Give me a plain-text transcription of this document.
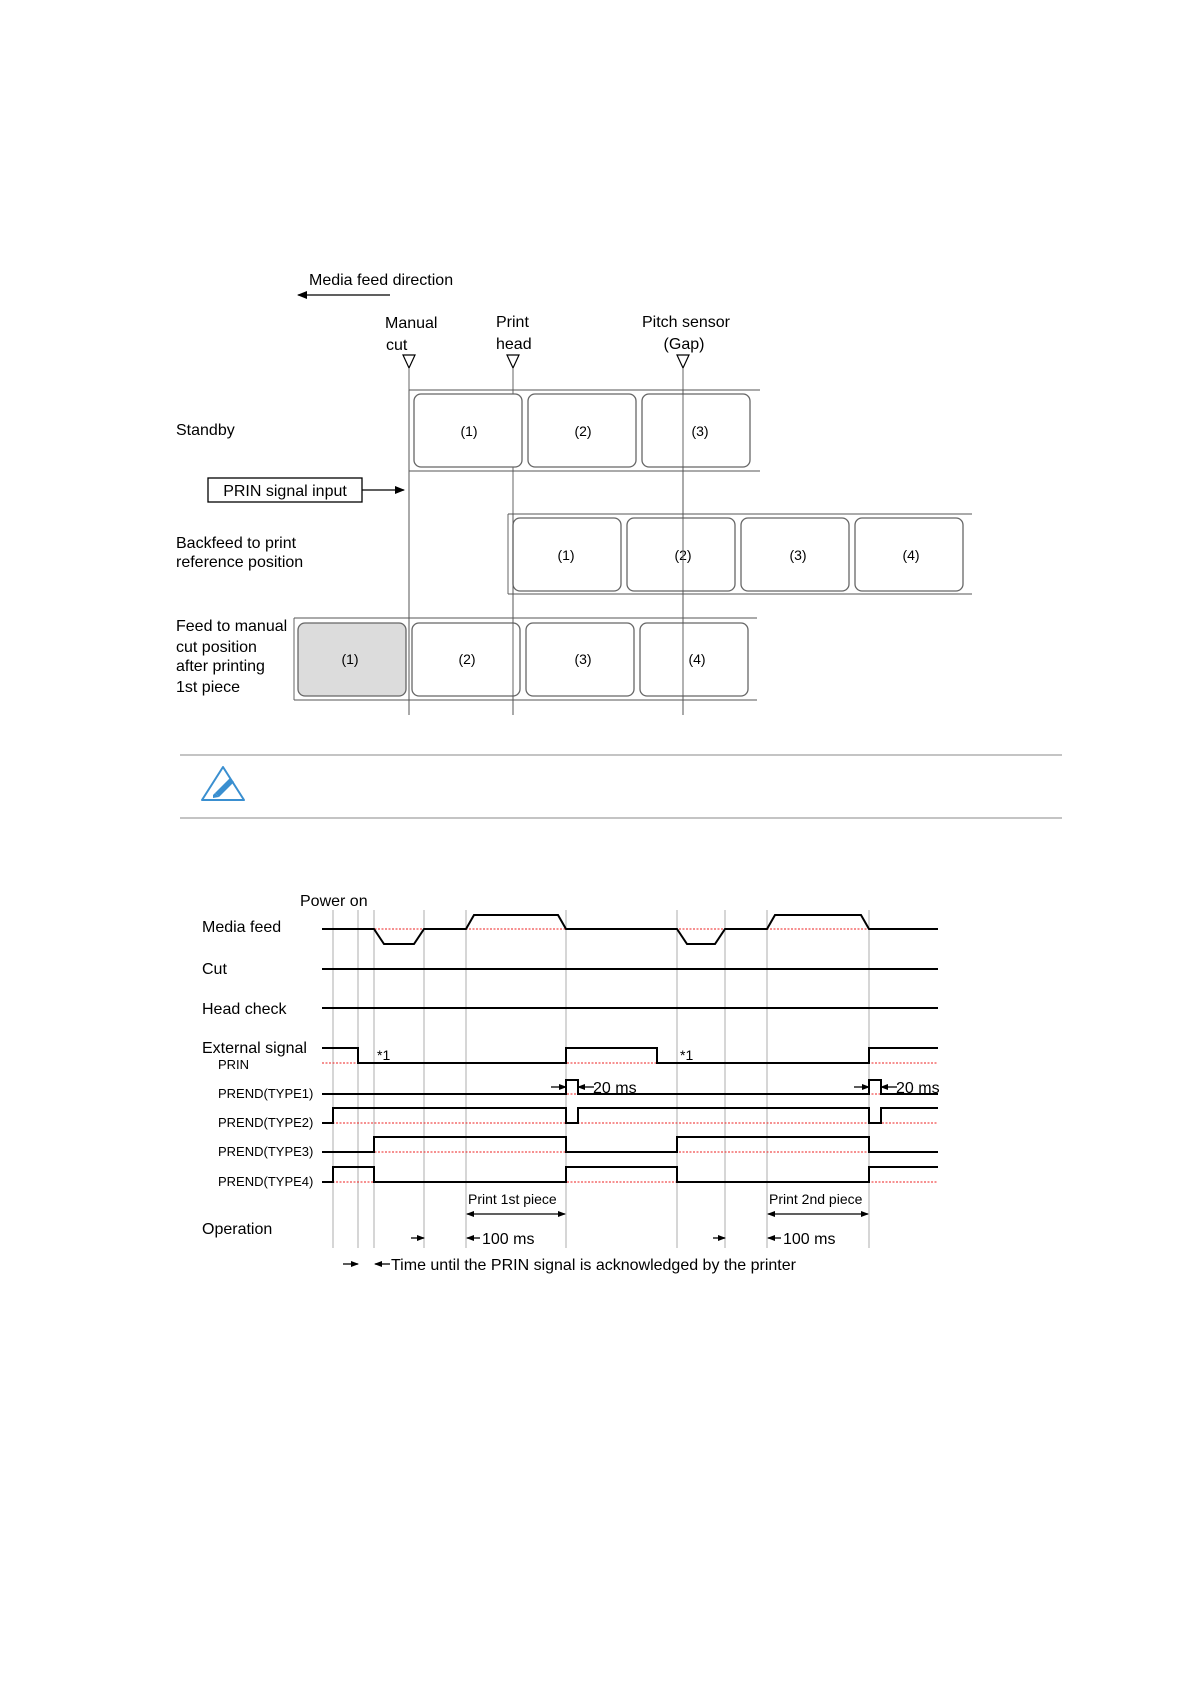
Media feed direction
Manual
cut
Print
head
Pitch sensor
(Gap)
Standby
Backfeed to print
reference position
Feed to manual
cut position
after printing
1st piece
PRIN signal input
(1)	(2)	(3)
(1)	(2)	(3)	(4)
(1)	(2)	(3)	(4)
Power on
Media feed
Cut
Head check
External signal
PRIN
PREND(TYPE1)
PREND(TYPE2)
PREND(TYPE3)
PREND(TYPE4)
Operation
*1	*1
20 ms	20 ms
Print 1st piece	Print 2nd piece
100 ms	100 ms
Time until the PRIN signal is acknowledged by the printer
